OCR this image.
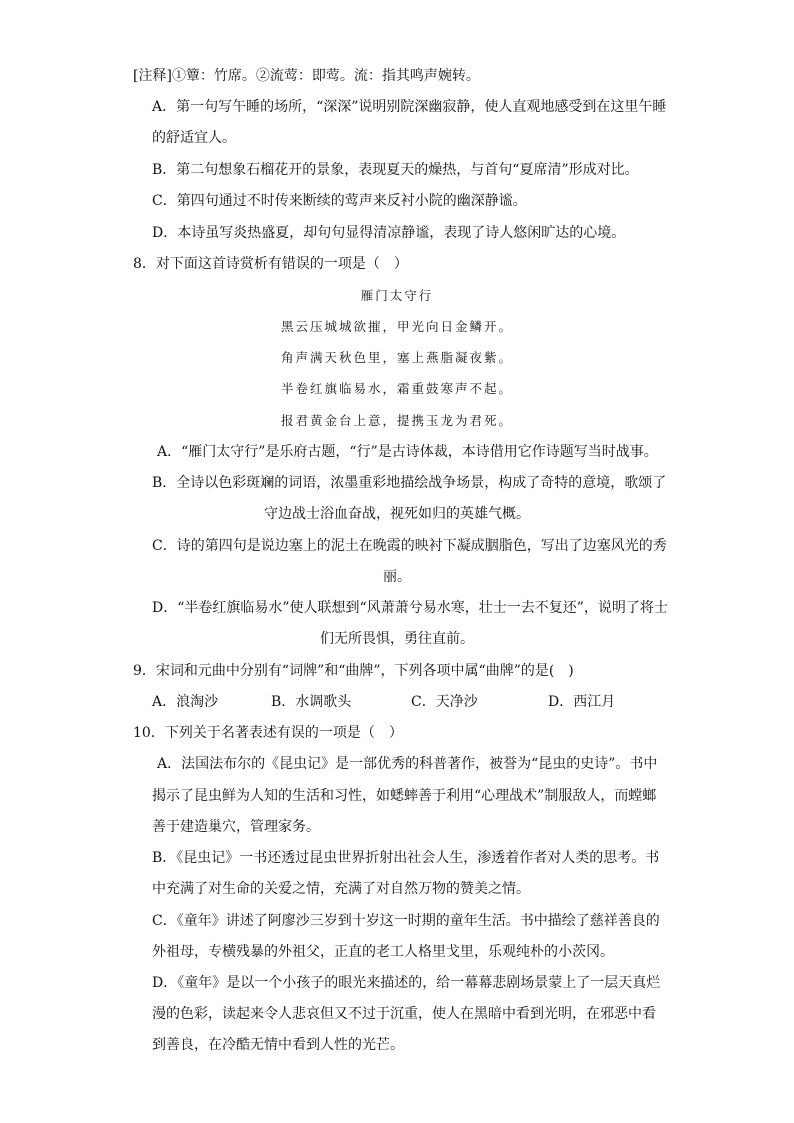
[注释]①簟：竹席。②流莺：即莺。流：指其鸣声婉转。
A．第一句写午睡的场所，“深深”说明别院深幽寂静，使人直观地感受到在这里午睡
的舒适宜人。
B．第二句想象石榴花开的景象，表现夏天的燥热，与首句“夏席清”形成对比。
C．第四句通过不时传来断续的莺声来反衬小院的幽深静谧。
D．本诗虽写炎热盛夏，却句句显得清凉静谧，表现了诗人悠闲旷达的心境。
8．对下面这首诗赏析有错误的一项是（　）
雁门太守行
黑云压城城欲摧，甲光向日金鳞开。
角声满天秋色里，塞上燕脂凝夜紫。
半卷红旗临易水，霜重鼓寒声不起。
报君黄金台上意，提携玉龙为君死。
A．“雁门太守行”是乐府古题，“行”是古诗体裁，本诗借用它作诗题写当时战事。
B．全诗以色彩斑斓的词语，浓墨重彩地描绘战争场景，构成了奇特的意境，歌颂了
守边战士浴血奋战，视死如归的英雄气概。
C．诗的第四句是说边塞上的泥土在晚霞的映衬下凝成胭脂色，写出了边塞风光的秀
丽。
D．“半卷红旗临易水”使人联想到“风萧萧兮易水寒，壮士一去不复还”，说明了将士
们无所畏惧，勇往直前。
9．宋词和元曲中分别有“词牌”和“曲牌”，下列各项中属“曲牌”的是(　)
A．浪淘沙	B．水调歌头	C．天净沙	D．西江月
10．下列关于名著表述有误的一项是（　）
A．法国法布尔的《昆虫记》是一部优秀的科普著作，被誉为“昆虫的史诗”。书中
揭示了昆虫鲜为人知的生活和习性，如蟋蟀善于利用“心理战术”制服敌人，而螳螂
善于建造巢穴，管理家务。
B．《昆虫记》一书还透过昆虫世界折射出社会人生，渗透着作者对人类的思考。书
中充满了对生命的关爱之情，充满了对自然万物的赞美之情。
C．《童年》讲述了阿廖沙三岁到十岁这一时期的童年生活。书中描绘了慈祥善良的
外祖母，专横残暴的外祖父，正直的老工人格里戈里，乐观纯朴的小茨冈。
D．《童年》是以一个小孩子的眼光来描述的，给一幕幕悲剧场景蒙上了一层天真烂
漫的色彩，读起来令人悲哀但又不过于沉重，使人在黑暗中看到光明，在邪恶中看
到善良，在冷酷无情中看到人性的光芒。
